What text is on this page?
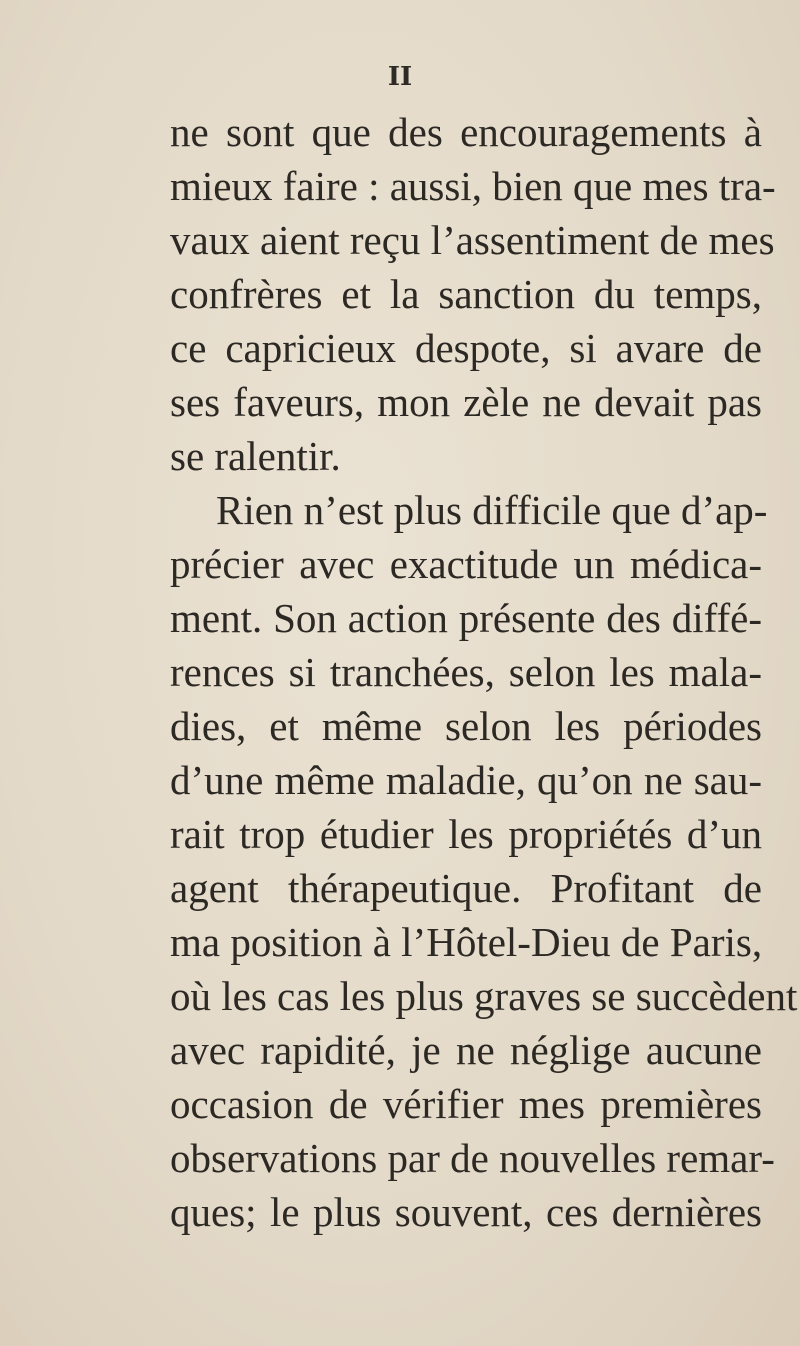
II
ne sont que des encouragements à
mieux faire : aussi, bien que mes tra-
vaux aient reçu l’assentiment de mes
confrères et la sanction du temps,
ce capricieux despote, si avare de
ses faveurs, mon zèle ne devait pas
se ralentir.
Rien n’est plus difficile que d’ap-
précier avec exactitude un médica-
ment. Son action présente des diffé-
rences si tranchées, selon les mala-
dies, et même selon les périodes
d’une même maladie, qu’on ne sau-
rait trop étudier les propriétés d’un
agent thérapeutique. Profitant de
ma position à l’Hôtel-Dieu de Paris,
où les cas les plus graves se succèdent
avec rapidité, je ne néglige aucune
occasion de vérifier mes premières
observations par de nouvelles remar-
ques; le plus souvent, ces dernières
